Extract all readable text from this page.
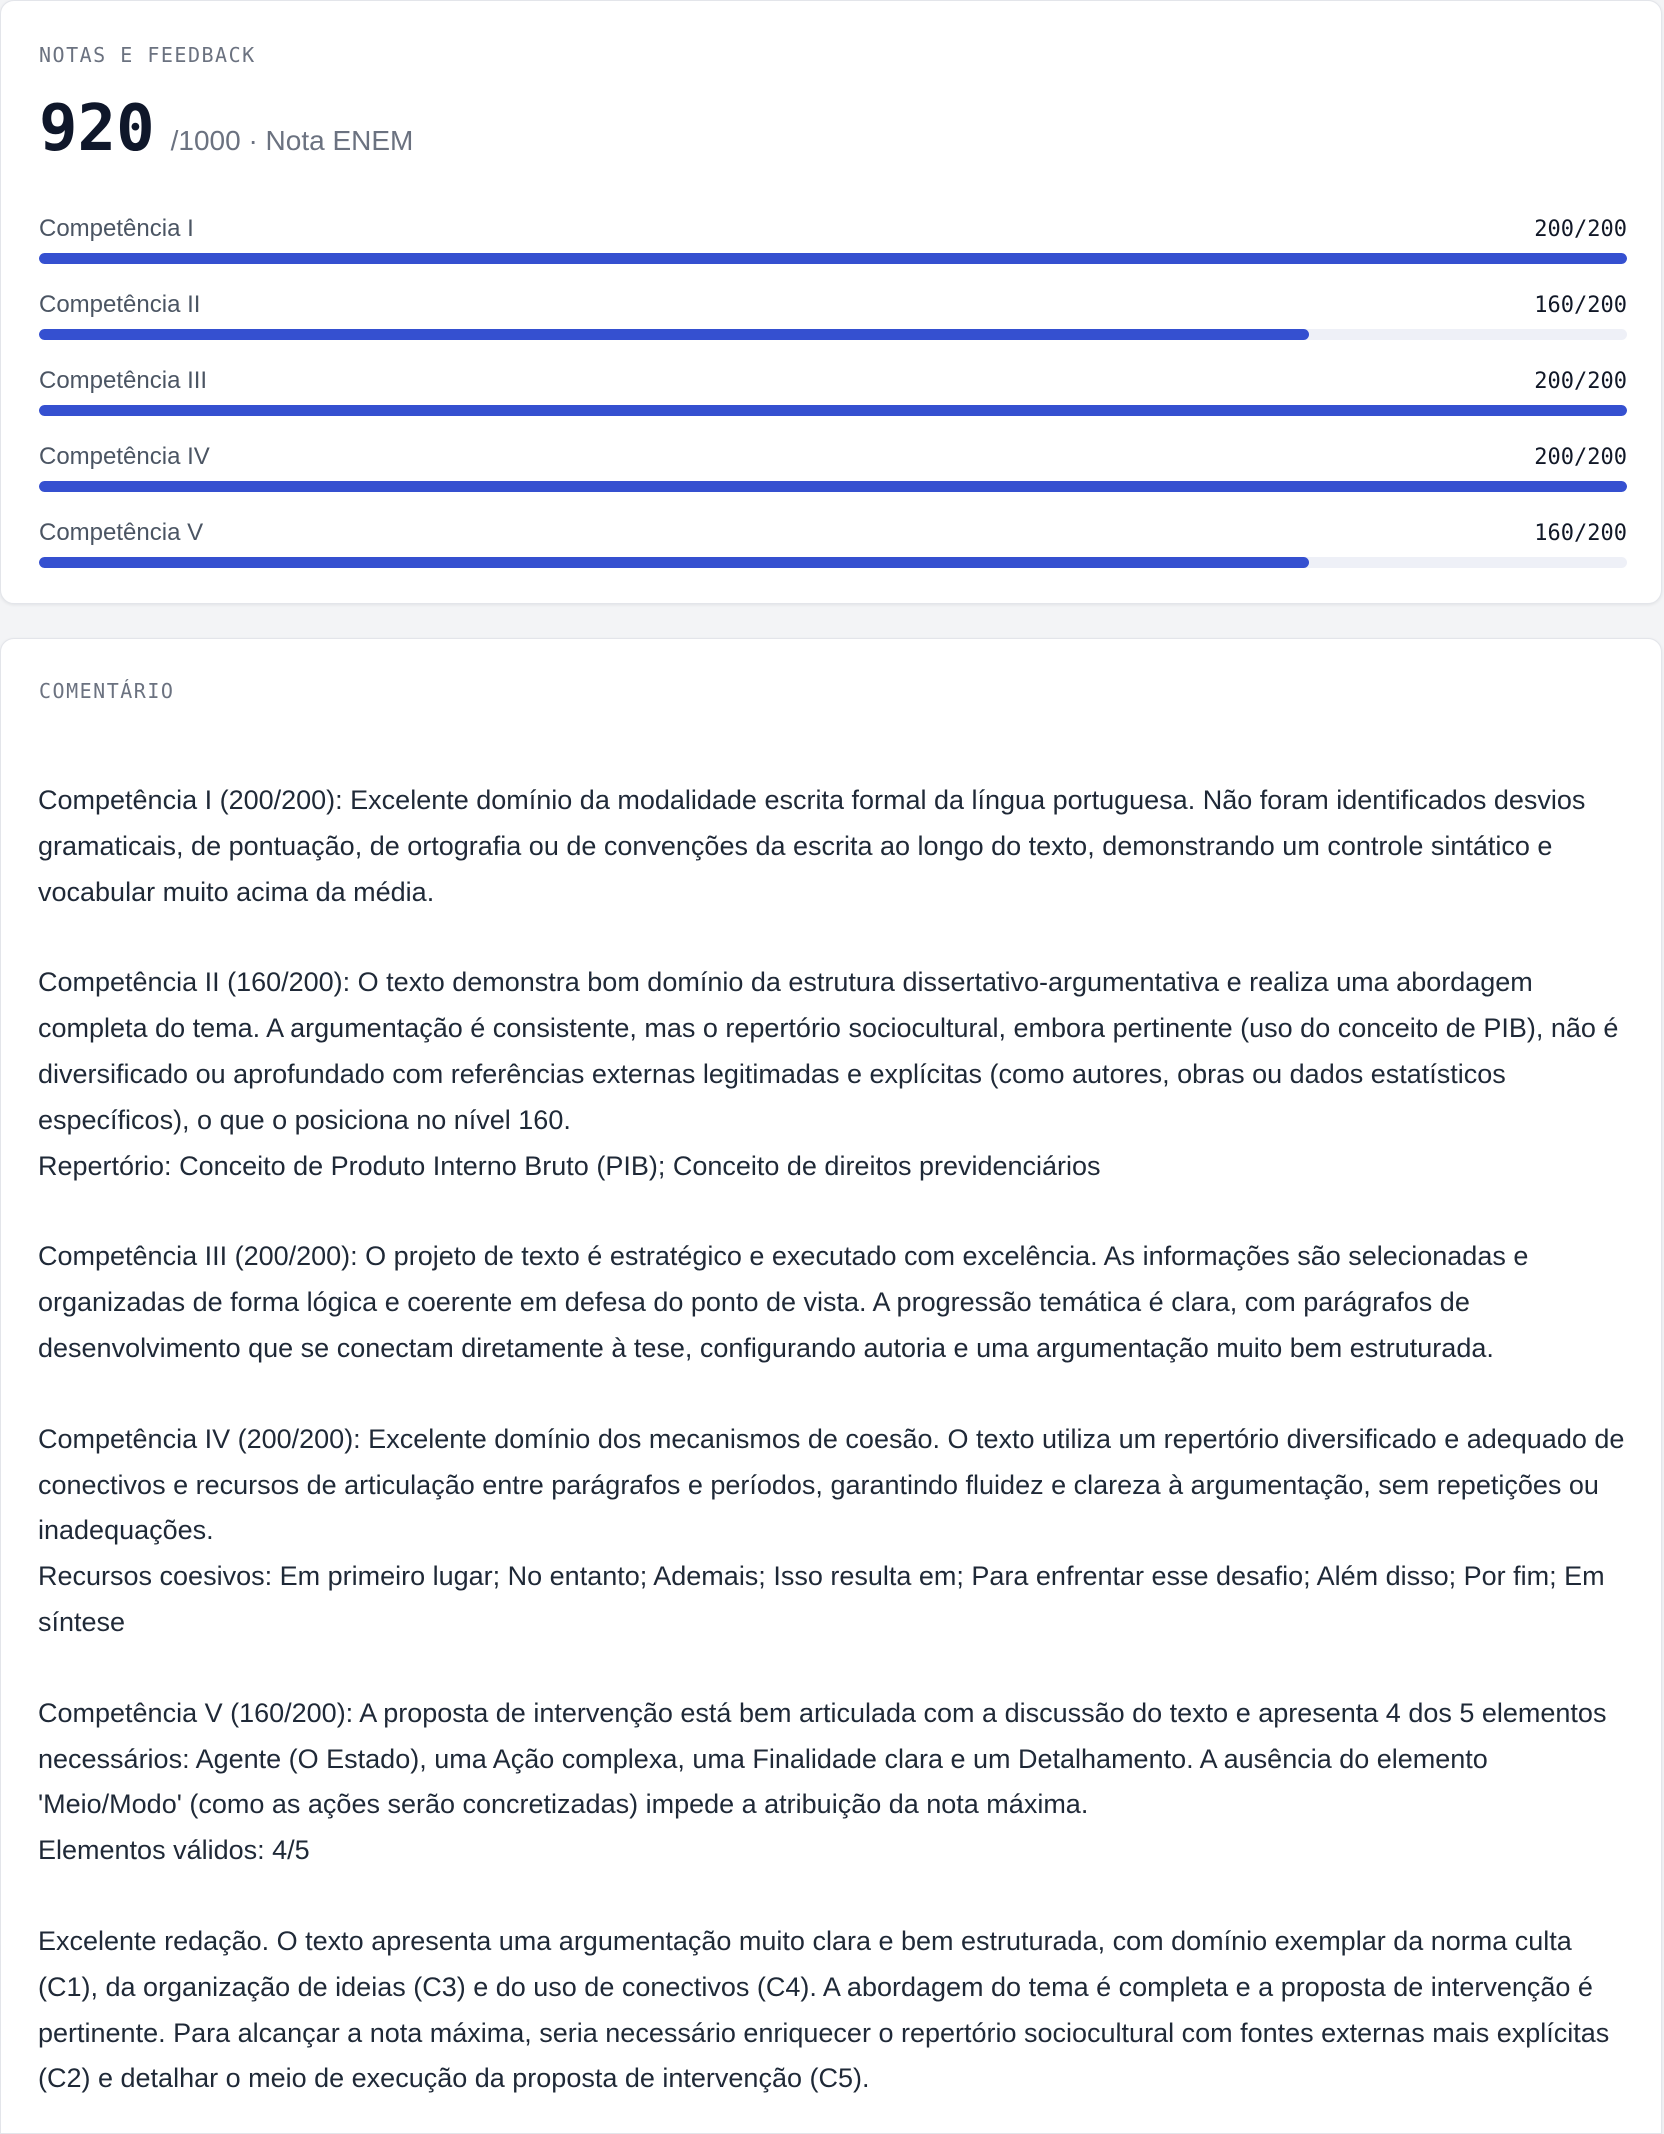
NOTAS E FEEDBACK
920 /1000 · Nota ENEM
Competência I	200/200
Competência II	160/200
Competência III	200/200
Competência IV	200/200
Competência V	160/200
COMENTÁRIO

Competência I (200/200): Excelente domínio da modalidade escrita formal da língua portuguesa. Não foram identificados desvios gramaticais, de pontuação, de ortografia ou de convenções da escrita ao longo do texto, demonstrando um controle sintático e vocabular muito acima da média.

Competência II (160/200): O texto demonstra bom domínio da estrutura dissertativo-argumentativa e realiza uma abordagem completa do tema. A argumentação é consistente, mas o repertório sociocultural, embora pertinente (uso do conceito de PIB), não é diversificado ou aprofundado com referências externas legitimadas e explícitas (como autores, obras ou dados estatísticos específicos), o que o posiciona no nível 160.

Repertório: Conceito de Produto Interno Bruto (PIB); Conceito de direitos previdenciários

Competência III (200/200): O projeto de texto é estratégico e executado com excelência. As informações são selecionadas e organizadas de forma lógica e coerente em defesa do ponto de vista. A progressão temática é clara, com parágrafos de desenvolvimento que se conectam diretamente à tese, configurando autoria e uma argumentação muito bem estruturada.

Competência IV (200/200): Excelente domínio dos mecanismos de coesão. O texto utiliza um repertório diversificado e adequado de conectivos e recursos de articulação entre parágrafos e períodos, garantindo fluidez e clareza à argumentação, sem repetições ou inadequações.

Recursos coesivos: Em primeiro lugar; No entanto; Ademais; Isso resulta em; Para enfrentar esse desafio; Além disso; Por fim; Em síntese

Competência V (160/200): A proposta de intervenção está bem articulada com a discussão do texto e apresenta 4 dos 5 elementos necessários: Agente (O Estado), uma Ação complexa, uma Finalidade clara e um Detalhamento. A ausência do elemento 'Meio/Modo' (como as ações serão concretizadas) impede a atribuição da nota máxima.

Elementos válidos: 4/5

Excelente redação. O texto apresenta uma argumentação muito clara e bem estruturada, com domínio exemplar da norma culta (C1), da organização de ideias (C3) e do uso de conectivos (C4). A abordagem do tema é completa e a proposta de intervenção é pertinente. Para alcançar a nota máxima, seria necessário enriquecer o repertório sociocultural com fontes externas mais explícitas (C2) e detalhar o meio de execução da proposta de intervenção (C5).
